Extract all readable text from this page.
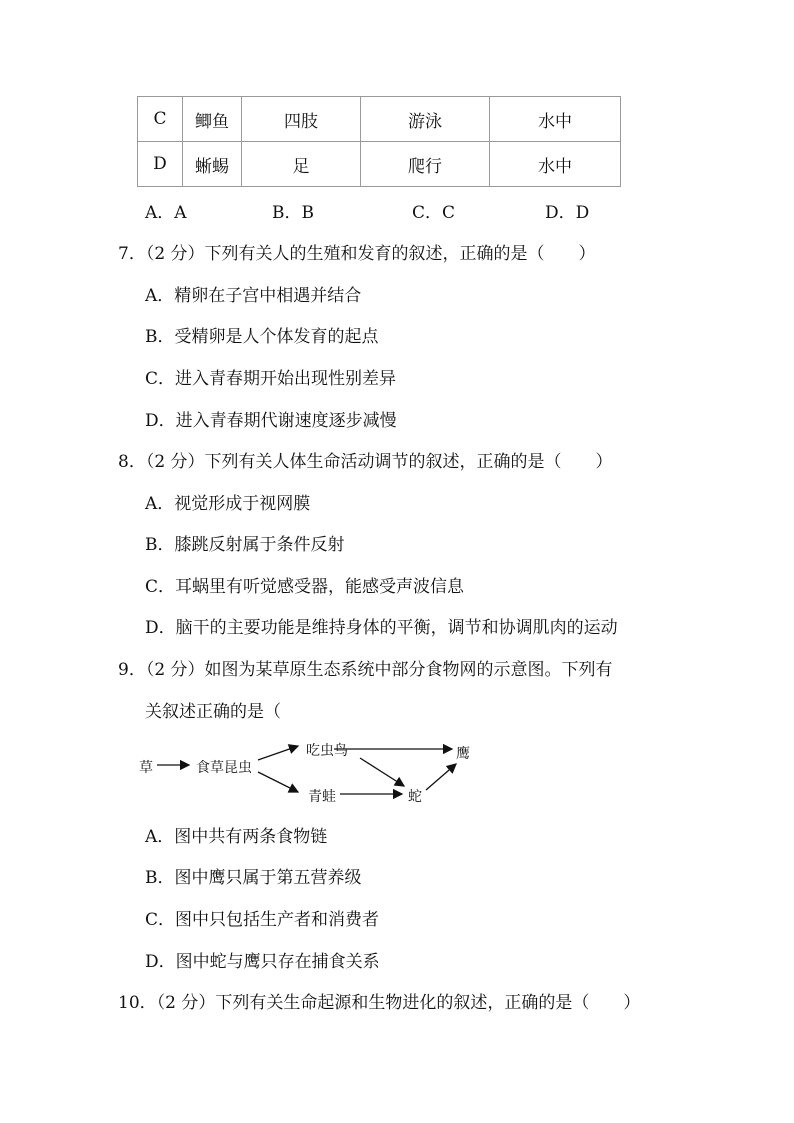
C	鲫鱼	四肢	游泳	水中
D	蜥蜴	足	爬行	水中
A．A	B．B	C．C	D．D
7．（2 分）下列有关人的生殖和发育的叙述，正确的是（　　）
A．精卵在子宫中相遇并结合
B．受精卵是人个体发育的起点
C．进入青春期开始出现性别差异
D．进入青春期代谢速度逐步减慢
8．（2 分）下列有关人体生命活动调节的叙述，正确的是（　　）
A．视觉形成于视网膜
B．膝跳反射属于条件反射
C．耳蜗里有听觉感受器，能感受声波信息
D．脑干的主要功能是维持身体的平衡，调节和协调肌肉的运动
9．（2 分）如图为某草原生态系统中部分食物网的示意图。下列有
关叙述正确的是（
草	食草昆虫
吃虫鸟
青蛙	蛇
鹰
A．图中共有两条食物链
B．图中鹰只属于第五营养级
C．图中只包括生产者和消费者
D．图中蛇与鹰只存在捕食关系
10．（2 分）下列有关生命起源和生物进化的叙述，正确的是（　　）
